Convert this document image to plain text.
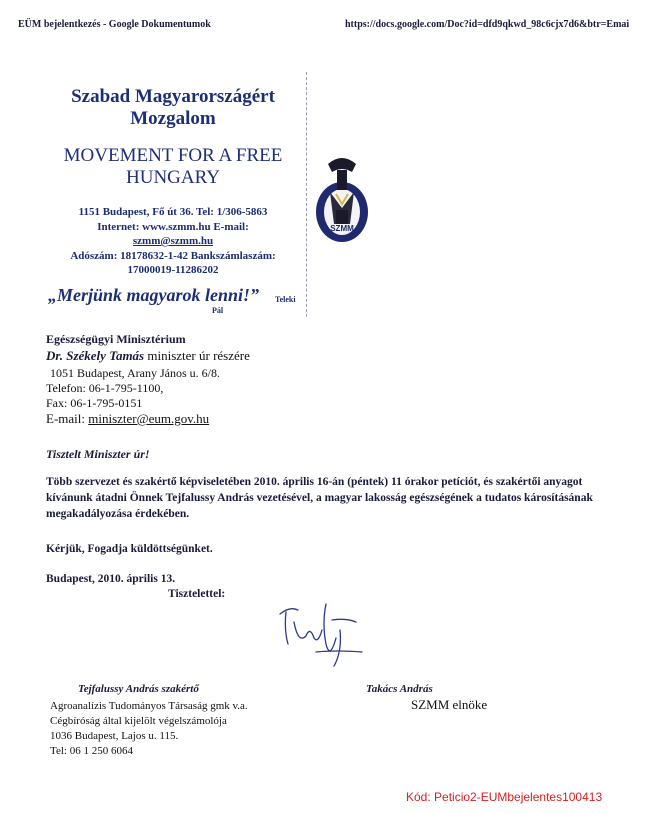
EÜM bejelentkezés - Google Dokumentumok	https://docs.google.com/Doc?id=dfd9qkwd_98c6cjx7d6&btr=Emai
Szabad Magyarországért
Mozgalom
MOVEMENT FOR A FREE
HUNGARY
1151 Budapest, Fő út 36. Tel: 1/306-5863
Internet: www.szmm.hu E-mail:
szmm@szmm.hu
Adószám: 18178632-1-42 Bankszámlaszám:
17000019-11286202
„Merjünk magyarok lenni!” Teleki
Pál
SZMM
Egészségügyi Minisztérium
Dr. Székely Tamás miniszter úr részére
1051 Budapest, Arany János u. 6/8.
Telefon: 06-1-795-1100,
Fax: 06-1-795-0151
E-mail: miniszter@eum.gov.hu
Tisztelt Miniszter úr!
Több szervezet és szakértő képviseletében 2010. április 16-án (péntek) 11 órakor petíciót, és szakértői anyagot
kívánunk átadni Önnek Tejfalussy András vezetésével, a magyar lakosság egészségének a tudatos károsításának
megakadályozása érdekében.
Kérjük, Fogadja küldöttségünket.
Budapest, 2010. április 13.
Tisztelettel:
Tejfalussy András szakértő
Agroanalízis Tudományos Társaság gmk v.a.
Cégbíróság által kijelölt végelszámolója
1036 Budapest, Lajos u. 115.
Tel: 06 1 250 6064
Takács András
SZMM elnöke
Kód: Peticio2-EUMbejelentes100413
